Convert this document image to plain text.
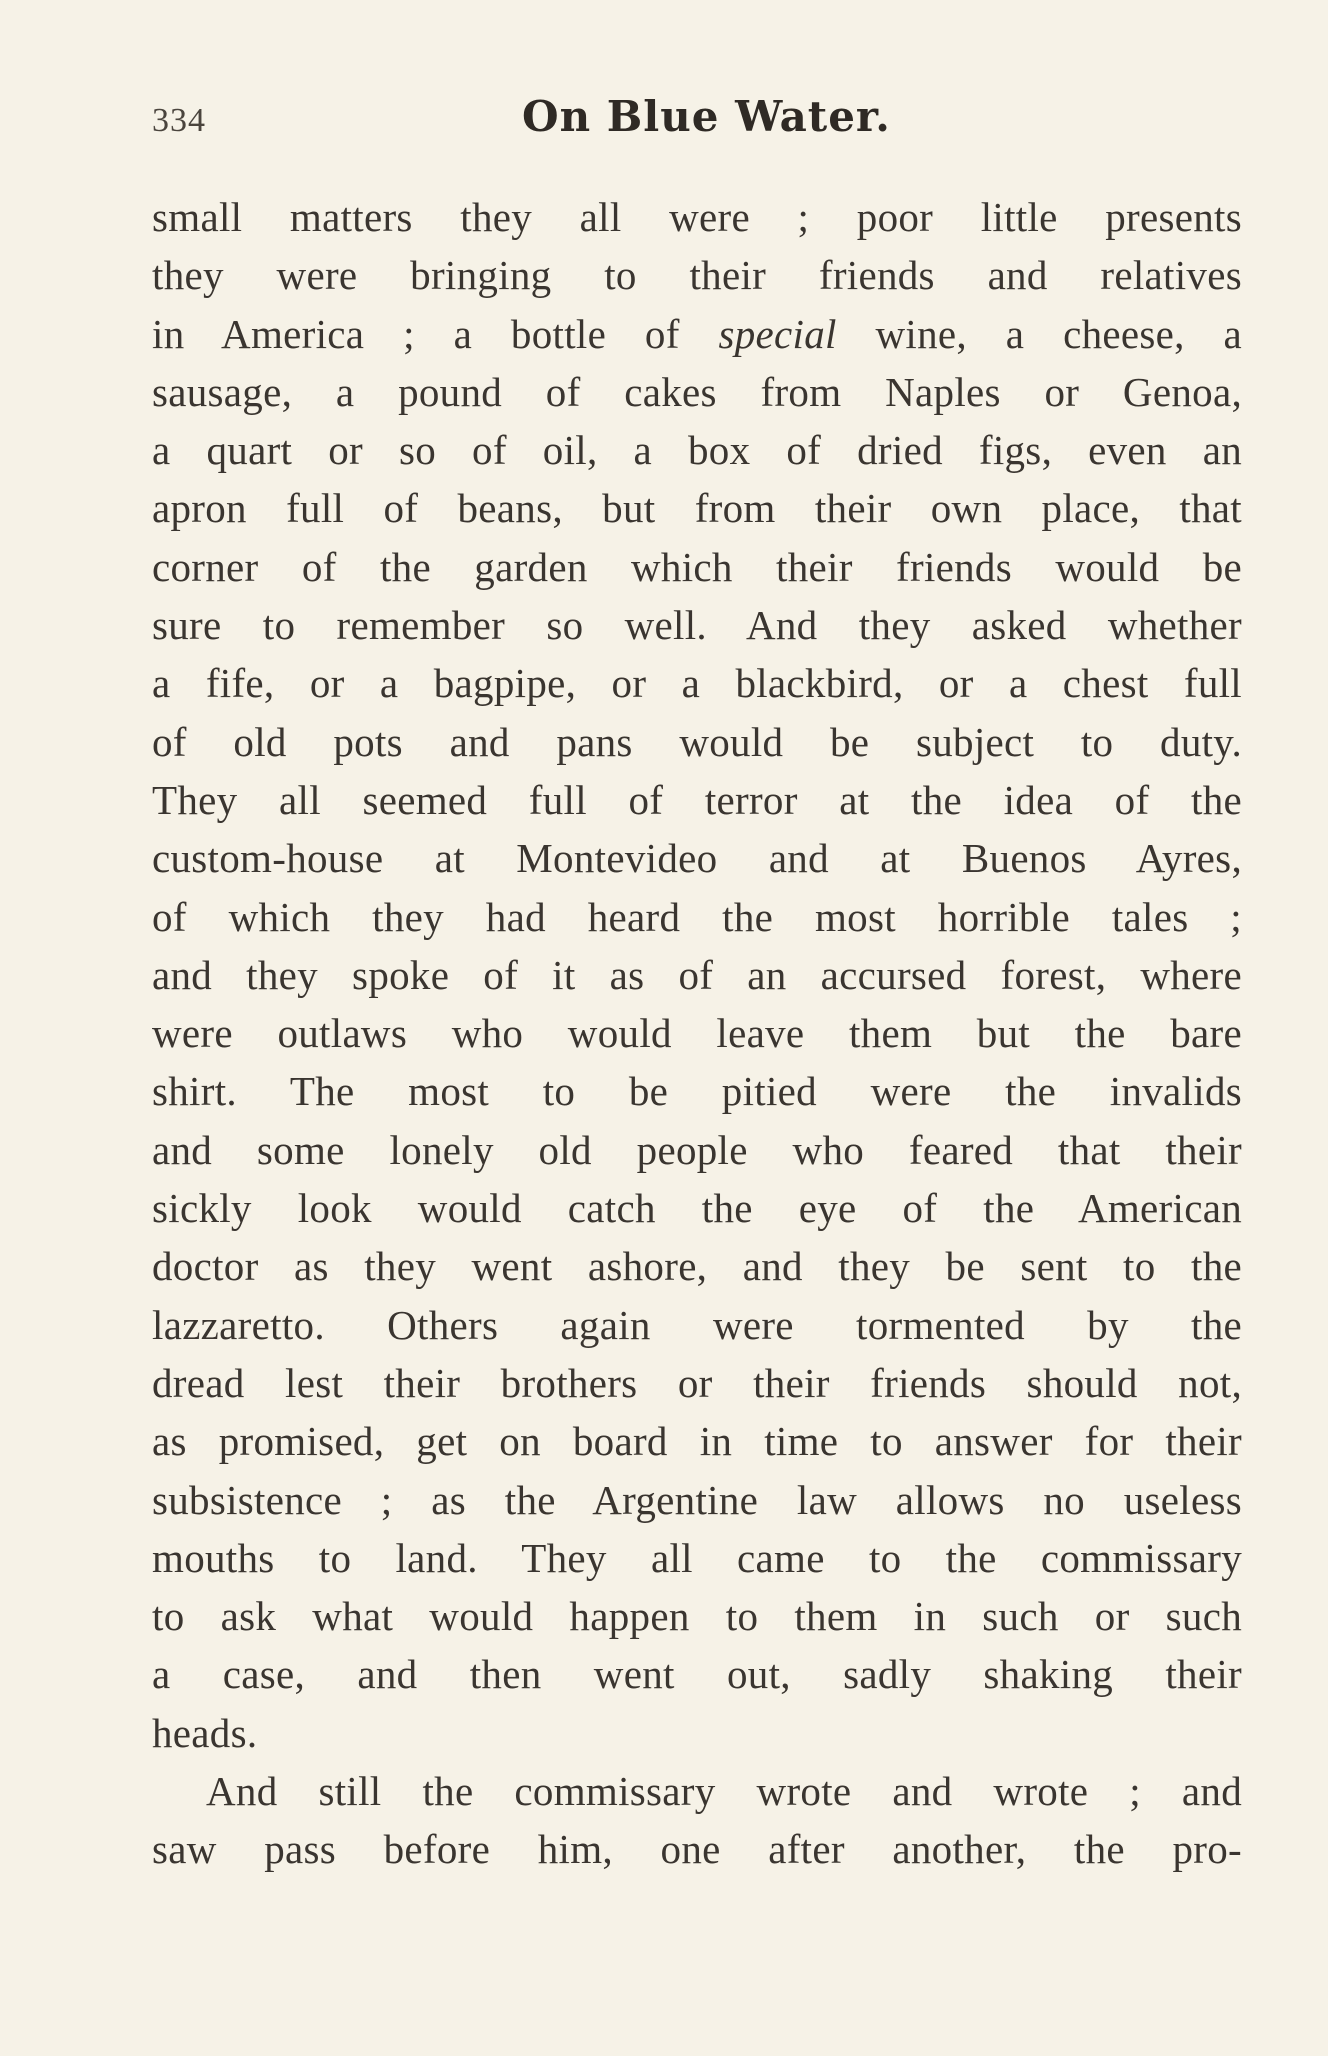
334	On Blue Water.
small matters they all were ; poor little presents
they were bringing to their friends and relatives
in America ; a bottle of special wine, a cheese, a
sausage, a pound of cakes from Naples or Genoa,
a quart or so of oil, a box of dried figs, even an
apron full of beans, but from their own place, that
corner of the garden which their friends would be
sure to remember so well. And they asked whether
a fife, or a bagpipe, or a blackbird, or a chest full
of old pots and pans would be subject to duty.
They all seemed full of terror at the idea of the
custom-house at Montevideo and at Buenos Ayres,
of which they had heard the most horrible tales ;
and they spoke of it as of an accursed forest, where
were outlaws who would leave them but the bare
shirt. The most to be pitied were the invalids
and some lonely old people who feared that their
sickly look would catch the eye of the American
doctor as they went ashore, and they be sent to the
lazzaretto. Others again were tormented by the
dread lest their brothers or their friends should not,
as promised, get on board in time to answer for their
subsistence ; as the Argentine law allows no useless
mouths to land. They all came to the commissary
to ask what would happen to them in such or such
a case, and then went out, sadly shaking their
heads.
And still the commissary wrote and wrote ; and
saw pass before him, one after another, the pro-
